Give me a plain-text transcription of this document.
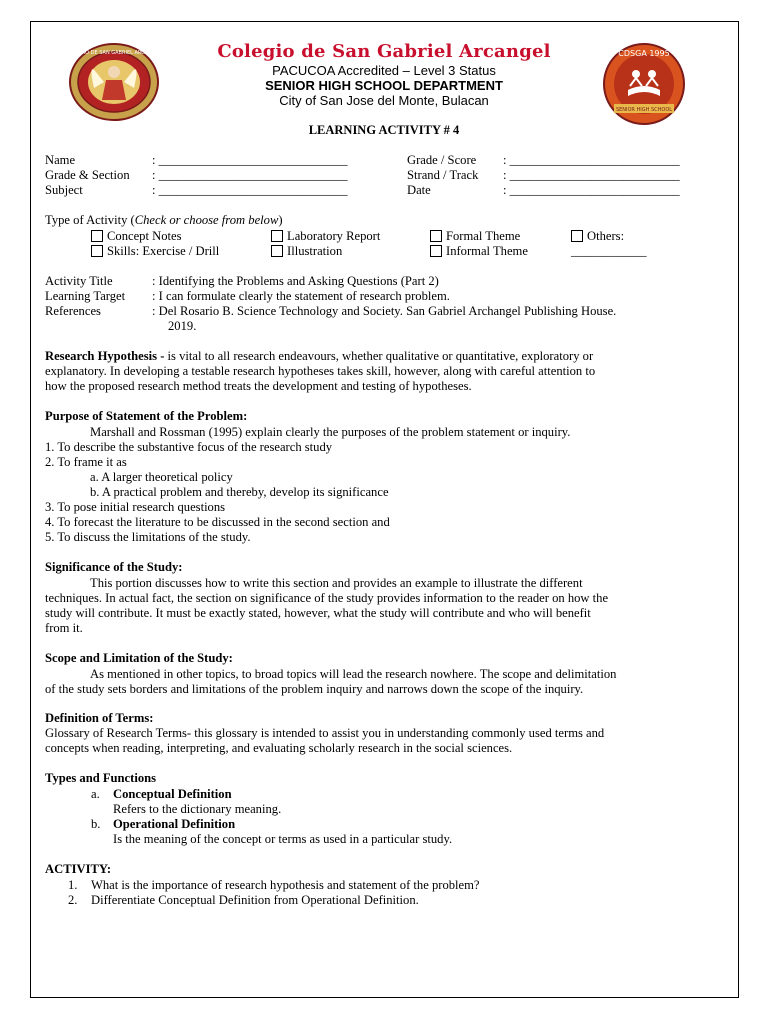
COLEGIO DE SAN GABRIEL ARCANGEL	CDSGA 1995
SENIOR HIGH SCHOOL
Colegio de San Gabriel Arcangel
PACUCOA Accredited – Level 3 Status
SENIOR HIGH SCHOOL DEPARTMENT
City of San Jose del Monte, Bulacan
LEARNING ACTIVITY # 4
Name	: ______________________________
Grade & Section : ______________________________
Subject	: ______________________________
Grade / Score : ___________________________
Strand / Track : ___________________________
Date	: ___________________________
Type of Activity (Check or choose from below)
Concept Notes
Skills: Exercise / Drill
Laboratory Report
Illustration
Formal Theme
Informal Theme
Others:
____________
Activity Title	: Identifying the Problems and Asking Questions (Part 2)
Learning Target : I can formulate clearly the statement of research problem.
References	: Del Rosario B. Science Technology and Society. San Gabriel Archangel Publishing House.
2019.
Research Hypothesis - is vital to all research endeavours, whether qualitative or quantitative, exploratory or
explanatory. In developing a testable research hypotheses takes skill, however, along with careful attention to
how the proposed research method treats the development and testing of hypotheses.
Purpose of Statement of the Problem:
Marshall and Rossman (1995) explain clearly the purposes of the problem statement or inquiry.
1. To describe the substantive focus of the research study
2. To frame it as
a. A larger theoretical policy
b. A practical problem and thereby, develop its significance
3. To pose initial research questions
4. To forecast the literature to be discussed in the second section and
5. To discuss the limitations of the study.
Significance of the Study:
This portion discusses how to write this section and provides an example to illustrate the different
techniques. In actual fact, the section on significance of the study provides information to the reader on how the
study will contribute. It must be exactly stated, however, what the study will contribute and who will benefit
from it.
Scope and Limitation of the Study:
As mentioned in other topics, to broad topics will lead the research nowhere. The scope and delimitation
of the study sets borders and limitations of the problem inquiry and narrows down the scope of the inquiry.
Definition of Terms:
Glossary of Research Terms- this glossary is intended to assist you in understanding commonly used terms and
concepts when reading, interpreting, and evaluating scholarly research in the social sciences.
Types and Functions
a. Conceptual Definition
Refers to the dictionary meaning.
b. Operational Definition
Is the meaning of the concept or terms as used in a particular study.
ACTIVITY:
1. What is the importance of research hypothesis and statement of the problem?
2. Differentiate Conceptual Definition from Operational Definition.
